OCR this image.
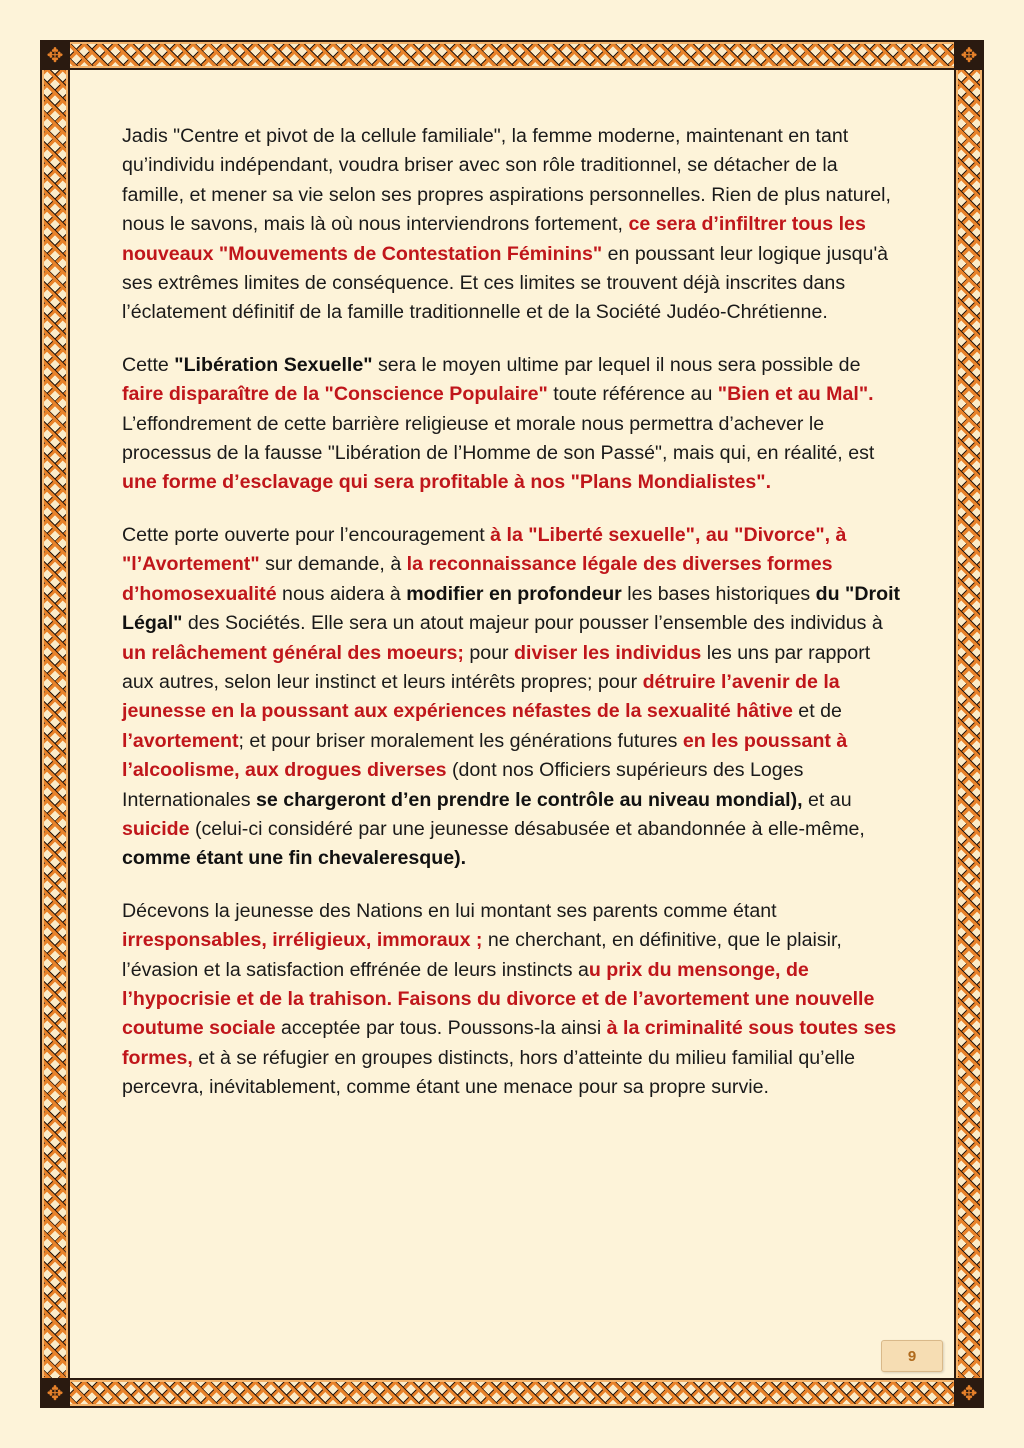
✥	✥
✥	✥

Jadis "Centre et pivot de la cellule familiale", la femme moderne, maintenant en tant qu’individu indépendant, voudra briser avec son rôle traditionnel, se détacher de la famille, et mener sa vie selon ses propres aspirations personnelles. Rien de plus naturel, nous le savons, mais là où nous interviendrons fortement, ce sera d’infiltrer tous les nouveaux "Mouvements de Contestation Féminins" en poussant leur logique jusqu'à ses extrêmes limites de conséquence. Et ces limites se trouvent déjà inscrites dans l’éclatement définitif de la famille traditionnelle et de la Société Judéo-Chrétienne.

Cette "Libération Sexuelle" sera le moyen ultime par lequel il nous sera possible de faire disparaître de la "Conscience Populaire" toute référence au "Bien et au Mal". L’effondrement de cette barrière religieuse et morale nous permettra d’achever le processus de la fausse "Libération de l’Homme de son Passé", mais qui, en réalité, est une forme d’esclavage qui sera profitable à nos "Plans Mondialistes".

Cette porte ouverte pour l’encouragement à la "Liberté sexuelle", au "Divorce", à "l’Avortement" sur demande, à la reconnaissance légale des diverses formes d’homosexualité nous aidera à modifier en profondeur les bases historiques du "Droit Légal" des Sociétés. Elle sera un atout majeur pour pousser l’ensemble des individus à un relâchement général des moeurs; pour diviser les individus les uns par rapport aux autres, selon leur instinct et leurs intérêts propres; pour détruire l’avenir de la jeunesse en la poussant aux expériences néfastes de la sexualité hâtive et de l’avortement; et pour briser moralement les générations futures en les poussant à l’alcoolisme, aux drogues diverses (dont nos Officiers supérieurs des Loges Internationales se chargeront d’en prendre le contrôle au niveau mondial), et au suicide (celui-ci considéré par une jeunesse désabusée et abandonnée à elle-même, comme étant une fin chevaleresque).

Décevons la jeunesse des Nations en lui montant ses parents comme étant irresponsables, irréligieux, immoraux ; ne cherchant, en définitive, que le plaisir, l’évasion et la satisfaction effrénée de leurs instincts au prix du mensonge, de l’hypocrisie et de la trahison. Faisons du divorce et de l’avortement une nouvelle coutume sociale acceptée par tous. Poussons-la ainsi à la criminalité sous toutes ses formes, et à se réfugier en groupes distincts, hors d’atteinte du milieu familial qu’elle percevra, inévitablement, comme étant une menace pour sa propre survie.

9
